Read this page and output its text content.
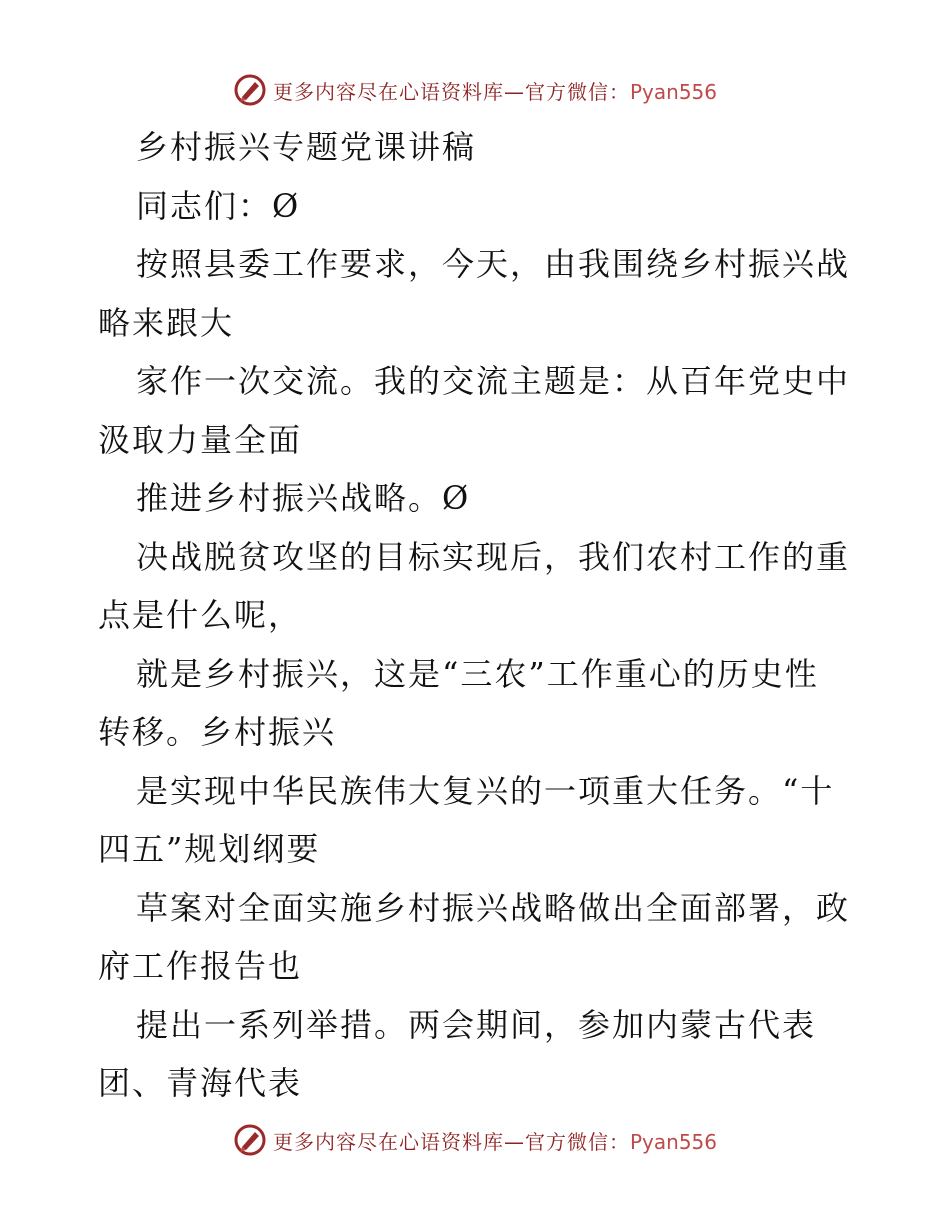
更多内容尽在心语资料库—官方微信：Pyan556
乡村振兴专题党课讲稿
同志们：Ø
按照县委工作要求，今天，由我围绕乡村振兴战
略来跟大
家作一次交流。我的交流主题是：从百年党史中
汲取力量全面
推进乡村振兴战略。Ø
决战脱贫攻坚的目标实现后，我们农村工作的重
点是什么呢，
就是乡村振兴，这是“三农”工作重心的历史性
转移。乡村振兴
是实现中华民族伟大复兴的一项重大任务。“十
四五”规划纲要
草案对全面实施乡村振兴战略做出全面部署，政
府工作报告也
提出一系列举措。两会期间，参加内蒙古代表
团、青海代表
更多内容尽在心语资料库—官方微信：Pyan556
